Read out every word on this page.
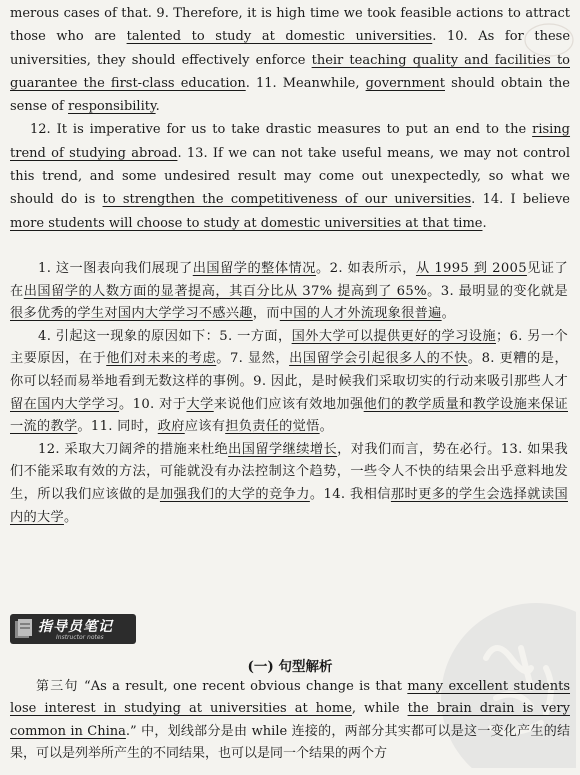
merous cases of that. 9. Therefore, it is high time we took feasible actions to attract those who are talented to study at domestic universities. 10. As for these universities, they should effectively enforce their teaching quality and facilities to guarantee the first-class education. 11. Meanwhile, government should obtain the sense of responsibility.

12. It is imperative for us to take drastic measures to put an end to the rising trend of studying abroad. 13. If we can not take useful means, we may not control this trend, and some undesired result may come out unexpectedly, so what we should do is to strengthen the competitiveness of our universities. 14. I believe more students will choose to study at domestic universities at that time.

1. 这一图表向我们展现了出国留学的整体情况。2. 如表所示，从 1995 到 2005见证了在出国留学的人数方面的显著提高，其百分比从 37% 提高到了 65%。3. 最明显的变化就是很多优秀的学生对国内大学学习不感兴趣，而中国的人才外流现象很普遍。

4. 引起这一现象的原因如下：5. 一方面，国外大学可以提供更好的学习设施；6. 另一个主要原因，在于他们对未来的考虑。7. 显然，出国留学会引起很多人的不快。8. 更糟的是，你可以轻而易举地看到无数这样的事例。9. 因此，是时候我们采取切实的行动来吸引那些人才留在国内大学学习。10. 对于大学来说他们应该有效地加强他们的教学质量和教学设施来保证一流的教学。11. 同时，政府应该有担负责任的觉悟。

12. 采取大刀阔斧的措施来杜绝出国留学继续增长，对我们而言，势在必行。13. 如果我们不能采取有效的方法，可能就没有办法控制这个趋势，一些令人不快的结果会出乎意料地发生，所以我们应该做的是加强我们的大学的竞争力。14. 我相信那时更多的学生会选择就读国内的大学。

指导员笔记
Instructor notes
(一) 句型解析

第三句 “As a result, one recent obvious change is that many excellent students lose interest in studying at universities at home, while the brain drain is very common in China.” 中，划线部分是由 while 连接的，两部分其实都可以是这一变化产生的结果，可以是列举所产生的不同结果，也可以是同一个结果的两个方
